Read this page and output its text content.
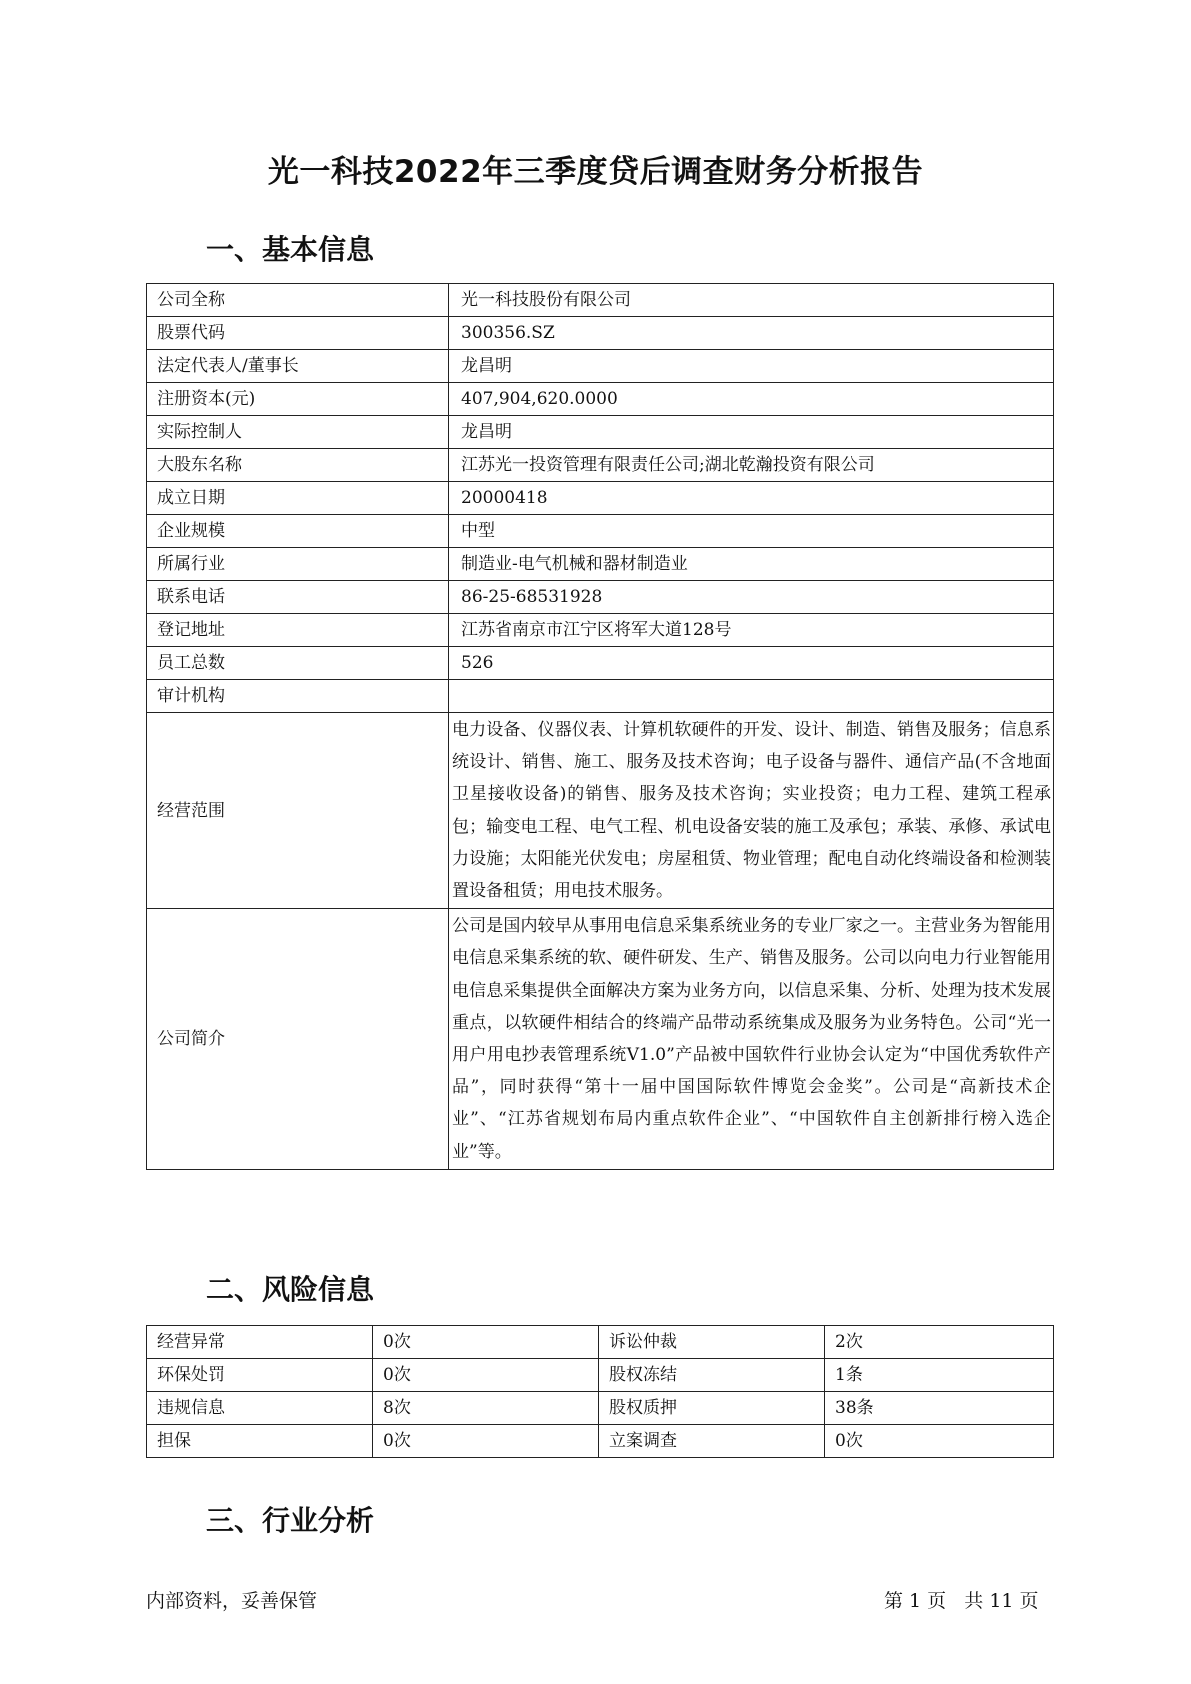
光一科技2022年三季度贷后调查财务分析报告
一、基本信息
公司全称	光一科技股份有限公司
股票代码	300356.SZ
法定代表人/董事长	龙昌明
注册资本(元)	407,904,620.0000
实际控制人	龙昌明
大股东名称	江苏光一投资管理有限责任公司;湖北乾瀚投资有限公司
成立日期	20000418
企业规模	中型
所属行业	制造业-电气机械和器材制造业
联系电话	86-25-68531928
登记地址	江苏省南京市江宁区将军大道128号
员工总数	526
审计机构	
经营范围	电力设备、仪器仪表、计算机软硬件的开发、设计、制造、销售及服务；信息系统设计、销售、施工、服务及技术咨询；电子设备与器件、通信产品(不含地面卫星接收设备)的销售、服务及技术咨询；实业投资；电力工程、建筑工程承包；输变电工程、电气工程、机电设备安装的施工及承包；承装、承修、承试电力设施；太阳能光伏发电；房屋租赁、物业管理；配电自动化终端设备和检测装置设备租赁；用电技术服务。
公司简介	公司是国内较早从事用电信息采集系统业务的专业厂家之一。主营业务为智能用电信息采集系统的软、硬件研发、生产、销售及服务。公司以向电力行业智能用电信息采集提供全面解决方案为业务方向，以信息采集、分析、处理为技术发展重点，以软硬件相结合的终端产品带动系统集成及服务为业务特色。公司“光一用户用电抄表管理系统V1.0”产品被中国软件行业协会认定为“中国优秀软件产品”，同时获得“第十一届中国国际软件博览会金奖”。公司是“高新技术企业”、“江苏省规划布局内重点软件企业”、“中国软件自主创新排行榜入选企业”等。
二、风险信息
经营异常	0次	诉讼仲裁	2次
环保处罚	0次	股权冻结	1条
违规信息	8次	股权质押	38条
担保	0次	立案调查	0次
三、行业分析
内部资料，妥善保管	第 1 页   共 11 页
